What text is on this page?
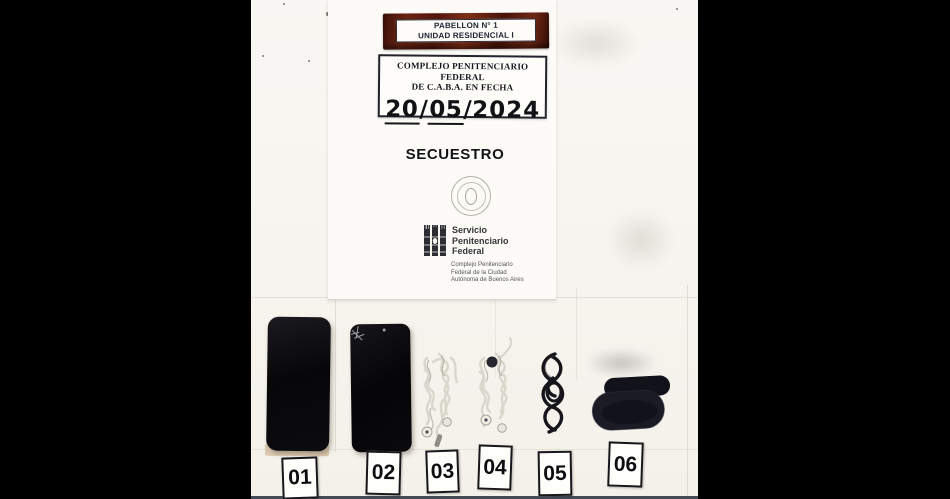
PABELLON N° 1
UNIDAD RESIDENCIAL I
COMPLEJO PENITENCIARIO FEDERAL
DE C.A.B.A. EN FECHA
20/05/2024
SECUESTRO
Servicio
Penitenciario
Federal
Complejo Penitenciario
Federal de la Ciudad
Autónoma de Buenos Aires
01	02 03 04 05 06
